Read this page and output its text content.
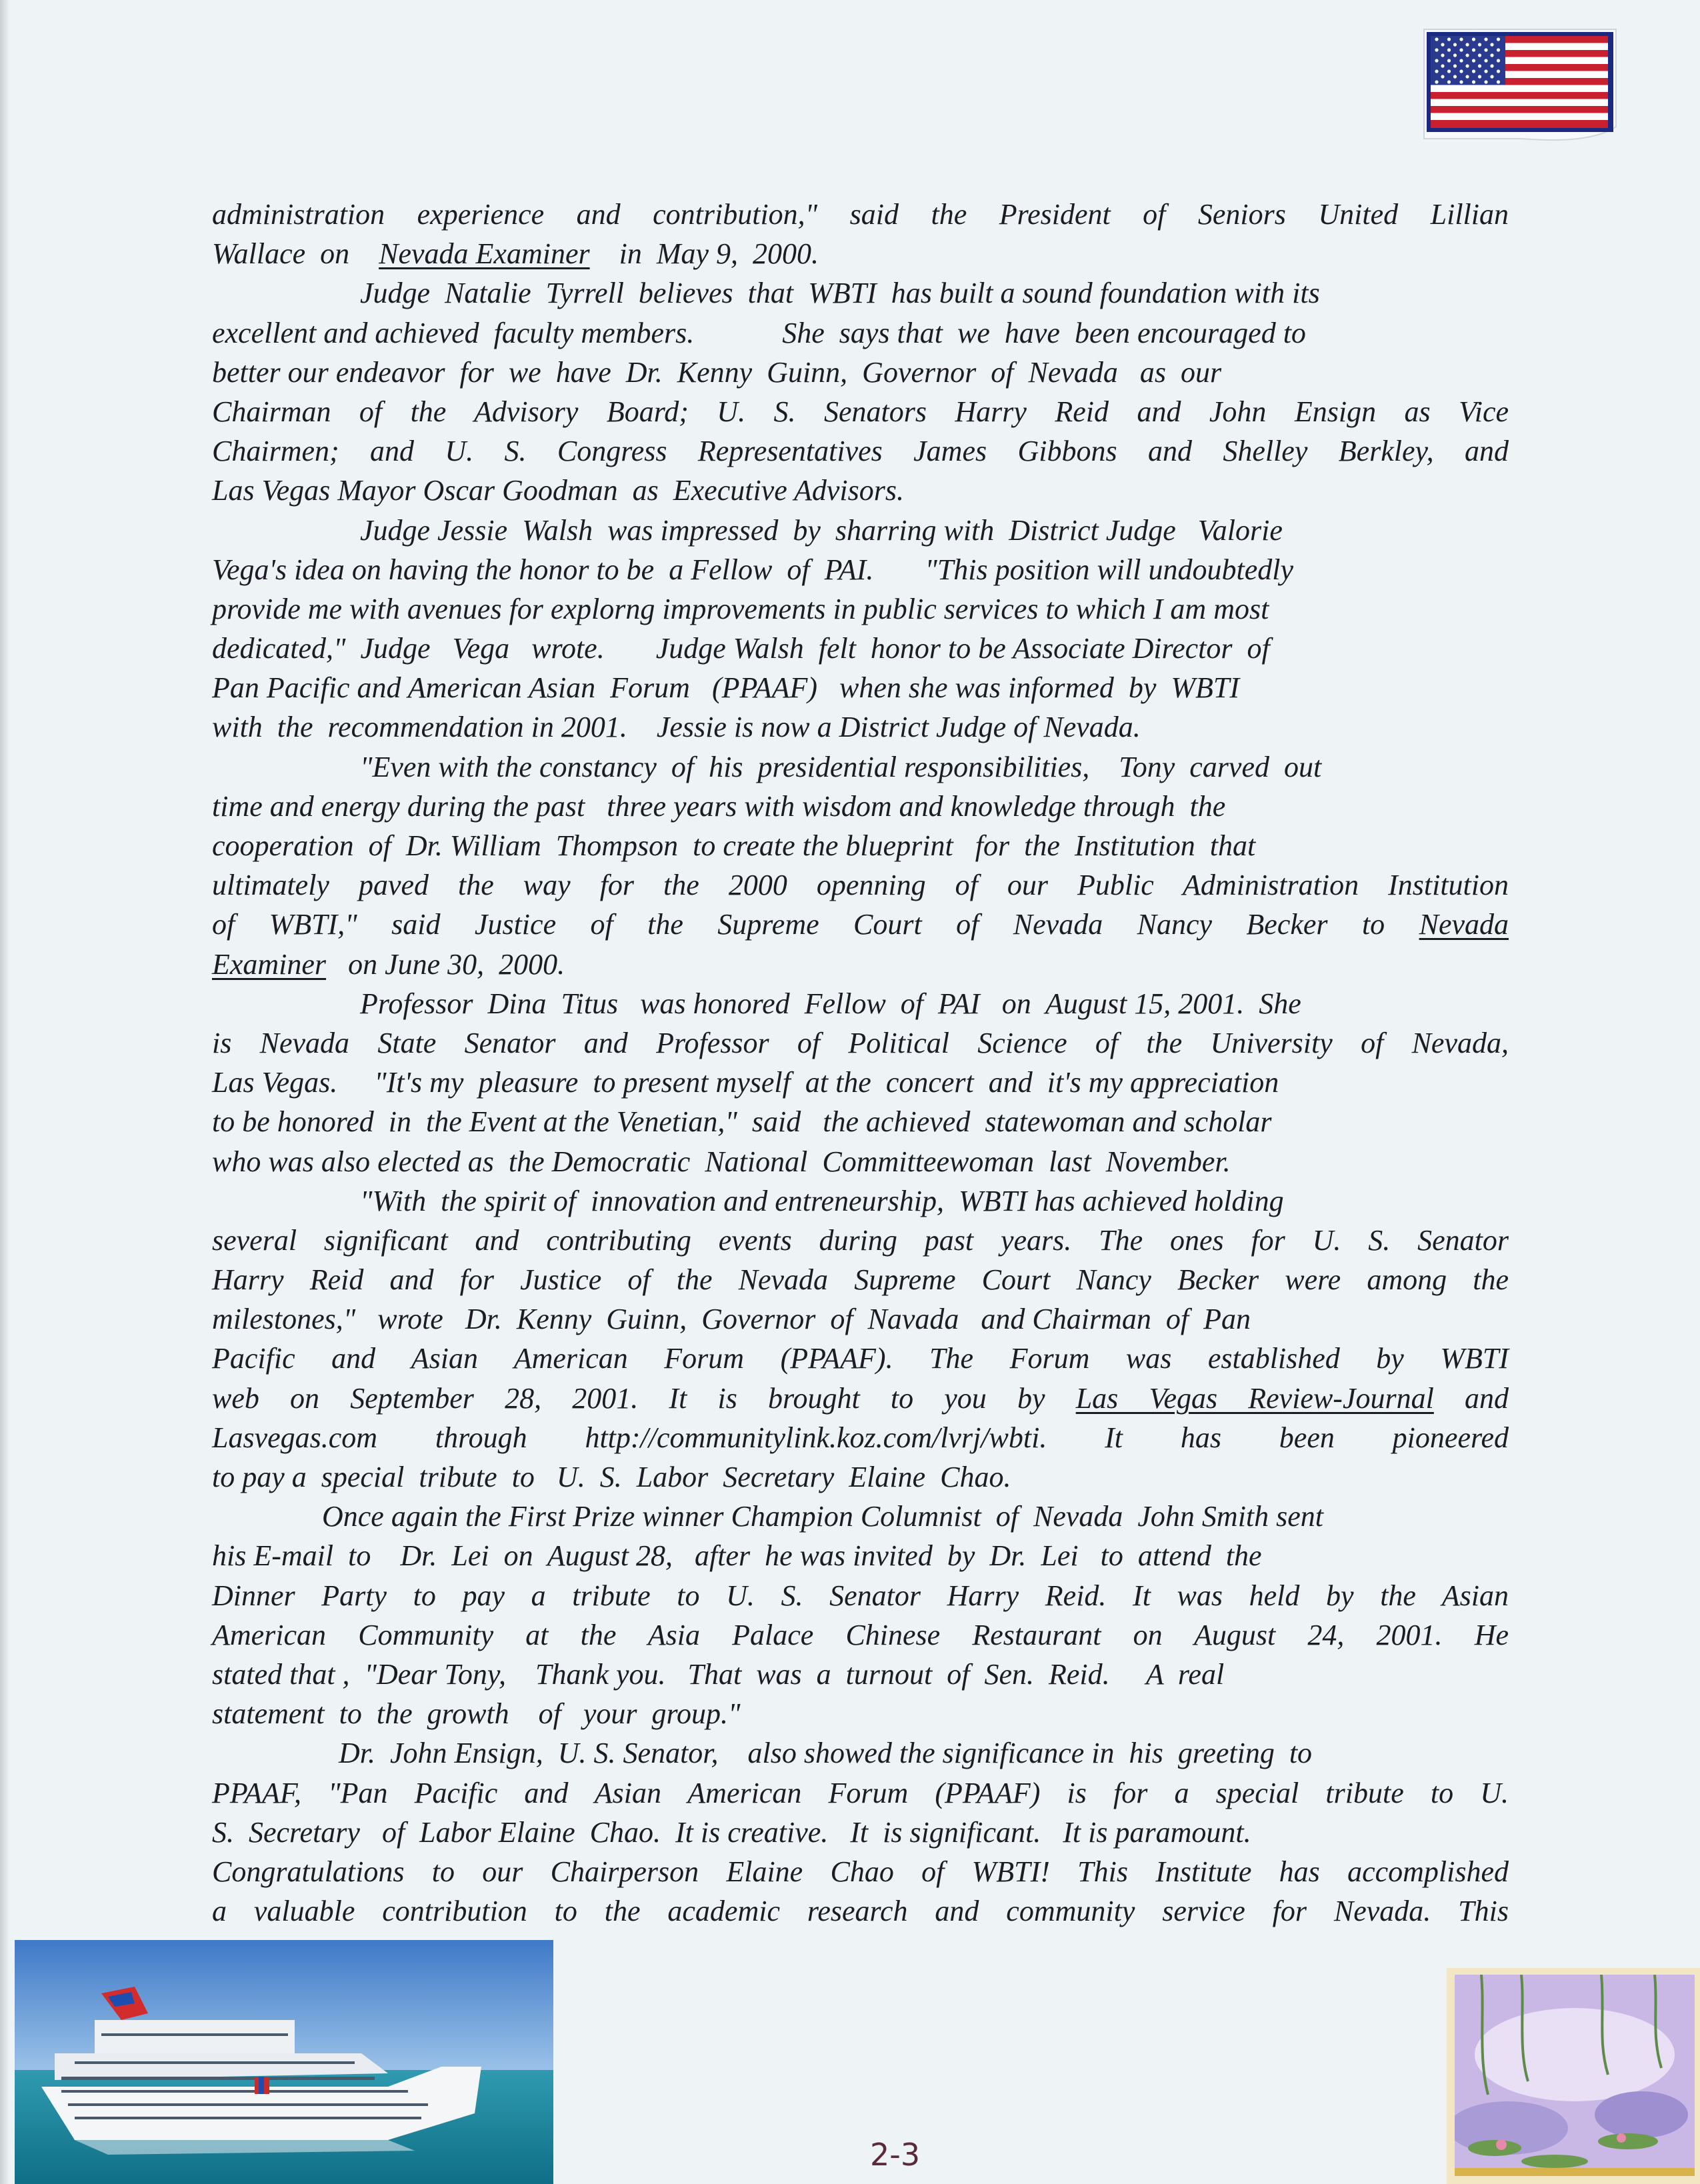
administration experience and contribution," said the President of Seniors United Lillian
Wallace  on    Nevada Examiner    in  May 9,  2000.
Judge  Natalie  Tyrrell  believes  that  WBTI  has built a sound foundation with its
excellent and achieved  faculty members.            She  says that  we  have  been encouraged to
better our endeavor  for  we  have  Dr.  Kenny  Guinn,  Governor  of  Nevada   as  our
Chairman of the Advisory Board; U. S. Senators Harry Reid and John Ensign as Vice
Chairmen; and U. S. Congress Representatives James Gibbons and Shelley Berkley, and
Las Vegas Mayor Oscar Goodman  as  Executive Advisors.
Judge Jessie  Walsh  was impressed  by  sharring with  District Judge   Valorie
Vega's idea on having the honor to be  a Fellow  of  PAI.       "This position will undoubtedly
provide me with avenues for explorng improvements in public services to which I am most
dedicated,"  Judge   Vega   wrote.       Judge Walsh  felt  honor to be Associate Director  of
Pan Pacific and American Asian  Forum   (PPAAF)   when she was informed  by  WBTI
with  the  recommendation in 2001.    Jessie is now a District Judge of Nevada.
"Even with the constancy  of  his  presidential responsibilities,    Tony  carved  out
time and energy during the past   three years with wisdom and knowledge through  the
cooperation  of  Dr. William  Thompson  to create the blueprint   for  the  Institution  that
ultimately paved the way for the 2000 openning of our Public Administration Institution
of WBTI," said Justice of the Supreme Court of Nevada Nancy Becker to Nevada
Examiner   on June 30,  2000.
Professor  Dina  Titus   was honored  Fellow  of  PAI   on  August 15, 2001.  She
is Nevada State Senator and Professor of Political Science of the University of Nevada,
Las Vegas.     "It's my  pleasure  to present myself  at the  concert  and  it's my appreciation
to be honored  in  the Event at the Venetian,"  said   the achieved  statewoman and scholar
who was also elected as  the Democratic  National  Committeewoman  last  November.
"With  the spirit of  innovation and entreneurship,  WBTI has achieved holding
several significant and contributing events during past years. The ones for U. S. Senator
Harry Reid and for Justice of the Nevada Supreme Court Nancy Becker were among the
milestones,"   wrote   Dr.  Kenny  Guinn,  Governor  of  Navada   and Chairman  of  Pan
Pacific and Asian American Forum (PPAAF). The Forum was established by WBTI
web on September 28, 2001. It is brought to you by Las Vegas Review-Journal and
Lasvegas.com through http://communitylink.koz.com/lvrj/wbti. It has been pioneered
to pay a  special  tribute  to   U.  S.  Labor  Secretary  Elaine  Chao.
Once again the First Prize winner Champion Columnist  of  Nevada  John Smith sent
his E-mail  to    Dr.  Lei  on  August 28,   after  he was invited  by  Dr.  Lei   to  attend  the
Dinner Party to pay a tribute to U. S. Senator Harry Reid. It was held by the Asian
American Community at the Asia Palace Chinese Restaurant on August 24, 2001. He
stated that ,  "Dear Tony,    Thank you.   That  was  a  turnout  of  Sen.  Reid.     A  real
statement  to  the  growth    of   your  group."
Dr.  John Ensign,  U. S. Senator,    also showed the significance in  his  greeting  to
PPAAF, "Pan Pacific and Asian American Forum (PPAAF) is for a special tribute to U.
S.  Secretary   of  Labor Elaine  Chao.  It is creative.   It  is significant.   It is paramount.
Congratulations to our Chairperson Elaine Chao of WBTI! This Institute has accomplished
a valuable contribution to the academic research and community service for Nevada. This
2-3
